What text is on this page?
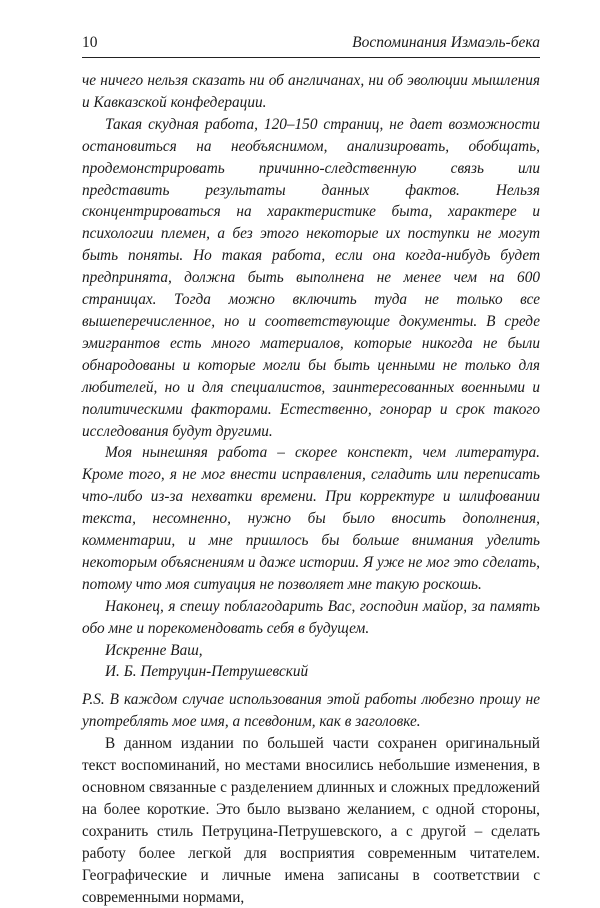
10	Воспоминания Измаэль-бека

че ничего нельзя сказать ни об англичанах, ни об эволюции мышления и Кавказской конфедерации.

Такая скудная работа, 120–150 страниц, не дает возможности остановиться на необъяснимом, анализировать, обобщать, продемонстрировать причинно-следственную связь или представить результаты данных фактов. Нельзя сконцентрироваться на характеристике быта, характере и психологии племен, а без этого некоторые их поступки не могут быть поняты. Но такая работа, если она когда-нибудь будет предпринята, должна быть выполнена не менее чем на 600 страницах. Тогда можно включить туда не только все вышеперечисленное, но и соответствующие документы. В среде эмигрантов есть много материалов, которые никогда не были обнародованы и которые могли бы быть ценными не только для любителей, но и для специалистов, заинтересованных военными и политическими факторами. Естественно, гонорар и срок такого исследования будут другими.

Моя нынешняя работа – скорее конспект, чем литература. Кроме того, я не мог внести исправления, сгладить или переписать что-либо из-за нехватки времени. При корректуре и шлифовании текста, несомненно, нужно бы было вносить дополнения, комментарии, и мне пришлось бы больше внимания уделить некоторым объяснениям и даже истории. Я уже не мог это сделать, потому что моя ситуация не позволяет мне такую роскошь.

Наконец, я спешу поблагодарить Вас, господин майор, за память обо мне и порекомендовать себя в будущем.

Искренне Ваш,

И. Б. Петруцин-Петрушевский

P.S. В каждом случае использования этой работы любезно прошу не употреблять мое имя, а псевдоним, как в заголовке.

В данном издании по большей части сохранен оригинальный текст воспоминаний, но местами вносились небольшие изменения, в основном связанные с разделением длинных и сложных предложений на более короткие. Это было вызвано желанием, с одной стороны, сохранить стиль Петруцина-Петрушевского, а с другой – сделать работу более легкой для восприятия современным читателем. Географические и личные имена записаны в соответствии с современными нормами,
